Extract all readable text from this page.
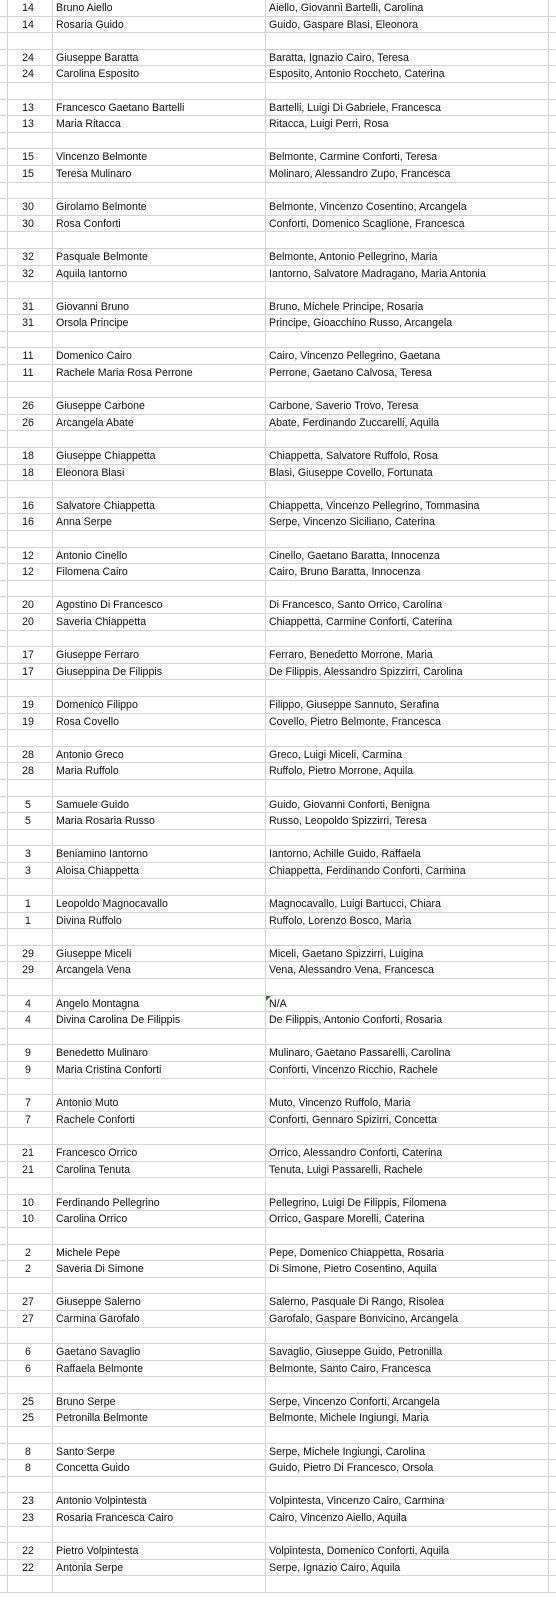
14	Bruno Aiello	Aiello, Giovanni Bartelli, Carolina
14	Rosaria Guido	Guido, Gaspare Blasi, Eleonora
24	Giuseppe Baratta	Baratta, Ignazio Cairo, Teresa
24	Carolina Esposito	Esposito, Antonio Roccheto, Caterina
13	Francesco Gaetano Bartelli	Bartelli, Luigi Di Gabriele, Francesca
13	Maria Ritacca	Ritacca, Luigi Perri, Rosa
15	Vincenzo Belmonte	Belmonte, Carmine Conforti, Teresa
15	Teresa Mulinaro	Molinaro, Alessandro Zupo, Francesca
30	Girolamo Belmonte	Belmonte, Vincenzo Cosentino, Arcangela
30	Rosa Conforti	Conforti, Domenico Scaglione, Francesca
32	Pasquale Belmonte	Belmonte, Antonio Pellegrino, Maria
32	Aquila Iantorno	Iantorno, Salvatore Madragano, Maria Antonia
31	Giovanni Bruno	Bruno, Michele Principe, Rosaria
31	Orsola Principe	Principe, Gioacchino Russo, Arcangela
11	Domenico Cairo	Cairo, Vincenzo Pellegrino, Gaetana
11	Rachele Maria Rosa Perrone	Perrone, Gaetano Calvosa, Teresa
26	Giuseppe Carbone	Carbone, Saverio Trovo, Teresa
26	Arcangela Abate	Abate, Ferdinando Zuccarelli, Aquila
18	Giuseppe Chiappetta	Chiappetta, Salvatore Ruffolo, Rosa
18	Eleonora Blasi	Blasi, Giuseppe Covello, Fortunata
16	Salvatore Chiappetta	Chiappetta, Vincenzo Pellegrino, Tommasina
16	Anna Serpe	Serpe, Vincenzo Siciliano, Caterina
12	Antonio Cinello	Cinello, Gaetano Baratta, Innocenza
12	Filomena Cairo	Cairo, Bruno Baratta, Innocenza
20	Agostino Di Francesco	Di Francesco, Santo Orrico, Carolina
20	Saveria Chiappetta	Chiappetta, Carmine Conforti, Caterina
17	Giuseppe Ferraro	Ferraro, Benedetto Morrone, Maria
17	Giuseppina De Filippis	De Filippis, Alessandro Spizzirri, Carolina
19	Domenico Filippo	Filippo, Giuseppe Sannuto, Serafina
19	Rosa Covello	Covello, Pietro Belmonte, Francesca
28	Antonio Greco	Greco, Luigi Miceli, Carmina
28	Maria Ruffolo	Ruffolo, Pietro Morrone, Aquila
5	Samuele Guido	Guido, Giovanni Conforti, Benigna
5	Maria Rosaria Russo	Russo, Leopoldo Spizzirri, Teresa
3	Beniamino Iantorno	Iantorno, Achille Guido, Raffaela
3	Aloisa Chiappetta	Chiappetta, Ferdinando Conforti, Carmina
1	Leopoldo Magnocavallo	Magnocavallo, Luigi Bartucci, Chiara
1	Divina Ruffolo	Ruffolo, Lorenzo Bosco, Maria
29	Giuseppe Miceli	Miceli, Gaetano Spizzirri, Luigina
29	Arcangela Vena	Vena, Alessandro Vena, Francesca
4	Angelo Montagna	N/A
4	Divina Carolina De Filippis	De Filippis, Antonio Conforti, Rosaria
9	Benedetto Mulinaro	Mulinaro, Gaetano Passarelli, Carolina
9	Maria Cristina Conforti	Conforti, Vincenzo Ricchio, Rachele
7	Antonio Muto	Muto, Vincenzo Ruffolo, Maria
7	Rachele Conforti	Conforti, Gennaro Spizirri, Concetta
21	Francesco Orrico	Orrico, Alessandro Conforti, Caterina
21	Carolina Tenuta	Tenuta, Luigi Passarelli, Rachele
10	Ferdinando Pellegrino	Pellegrino, Luigi De Filippis, Filomena
10	Carolina Orrico	Orrico, Gaspare Morelli, Caterina
2	Michele Pepe	Pepe, Domenico Chiappetta, Rosaria
2	Saveria Di Simone	Di Simone, Pietro Cosentino, Aquila
27	Giuseppe Salerno	Salerno, Pasquale Di Rango, Risolea
27	Carmina Garofalo	Garofalo, Gaspare Bonvicino, Arcangela
6	Gaetano Savaglio	Savaglio, Giuseppe Guido, Petronilla
6	Raffaela Belmonte	Belmonte, Santo Cairo, Francesca
25	Bruno Serpe	Serpe, Vincenzo Conforti, Arcangela
25	Petronilla Belmonte	Belmonte, Michele Ingiungi, Maria
8	Santo Serpe	Serpe, Michele Ingiungi, Carolina
8	Concetta Guido	Guido, Pietro Di Francesco, Orsola
23	Antonio Volpintesta	Volpintesta, Vincenzo Cairo, Carmina
23	Rosaria Francesca Cairo	Cairo, Vincenzo Aiello, Aquila
22	Pietro Volpintesta	Volpintesta, Domenico Conforti, Aquila
22	Antonia Serpe	Serpe, Ignazio Cairo, Aquila
